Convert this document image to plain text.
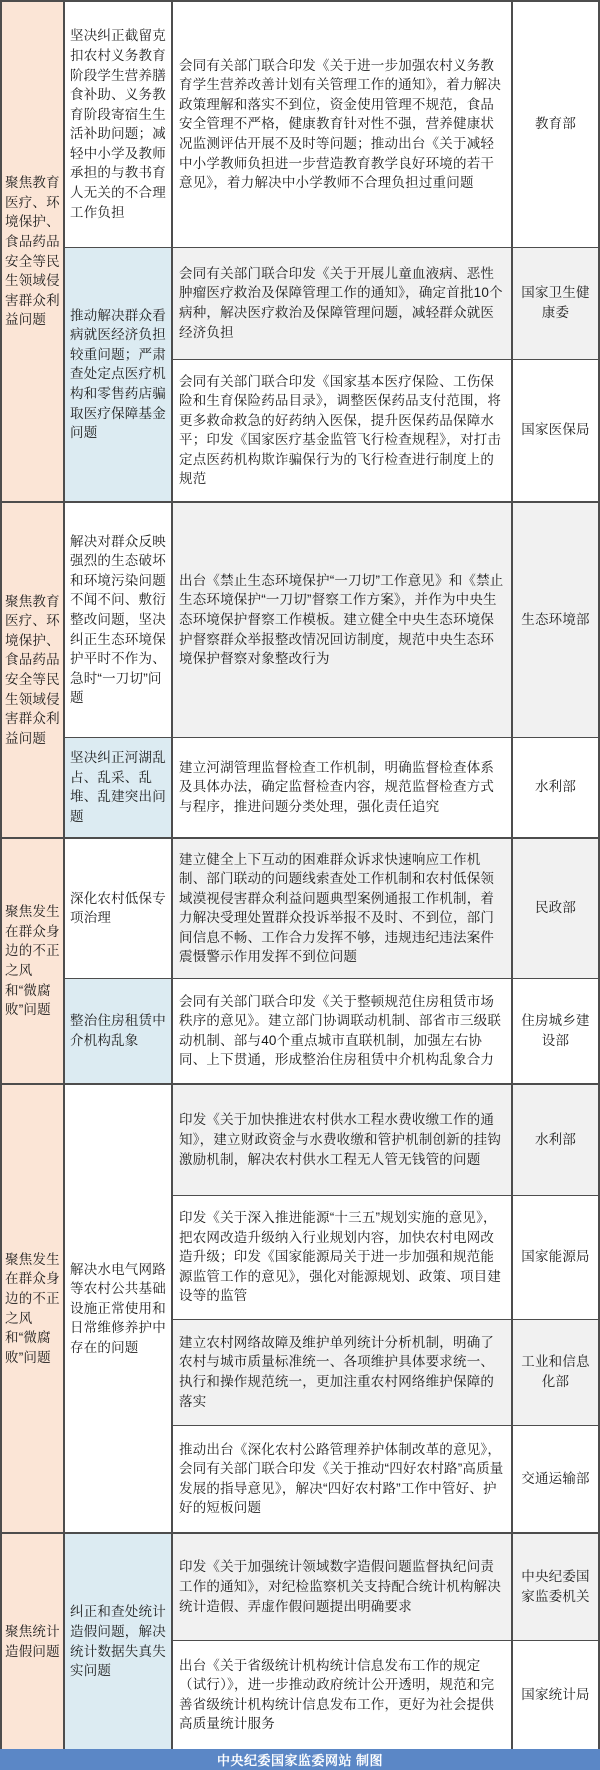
聚焦教育医疗、环境保护、食品药品安全等民生领域侵害群众利益问题	坚决纠正截留克扣农村义务教育阶段学生营养膳食补助、义务教育阶段寄宿生生活补助问题；减轻中小学及教师承担的与教书育人无关的不合理工作负担	会同有关部门联合印发《关于进一步加强农村义务教育学生营养改善计划有关管理工作的通知》，着力解决政策理解和落实不到位，资金使用管理不规范，食品安全管理不严格，健康教育针对性不强，营养健康状况监测评估开展不及时等问题；推动出台《关于减轻中小学教师负担进一步营造教育教学良好环境的若干意见》，着力解决中小学教师不合理负担过重问题	教育部
	推动解决群众看病就医经济负担较重问题；严肃查处定点医疗机构和零售药店骗取医疗保障基金问题	会同有关部门联合印发《关于开展儿童血液病、恶性肿瘤医疗救治及保障管理工作的通知》，确定首批10个病种，解决医疗救治及保障管理问题，减轻群众就医经济负担	国家卫生健康委
		会同有关部门联合印发《国家基本医疗保险、工伤保险和生育保险药品目录》，调整医保药品支付范围，将更多救命救急的好药纳入医保，提升医保药品保障水平；印发《国家医疗基金监管飞行检查规程》，对打击定点医药机构欺诈骗保行为的飞行检查进行制度上的规范	国家医保局
聚焦教育医疗、环境保护、食品药品安全等民生领域侵害群众利益问题	解决对群众反映强烈的生态破坏和环境污染问题不闻不问、敷衍整改问题，坚决纠正生态环境保护平时不作为、急时“一刀切”问题	出台《禁止生态环境保护“一刀切”工作意见》和《禁止生态环境保护“一刀切”督察工作方案》，并作为中央生态环境保护督察工作模板。建立健全中央生态环境保护督察群众举报整改情况回访制度，规范中央生态环境保护督察对象整改行为	生态环境部
	坚决纠正河湖乱占、乱采、乱堆、乱建突出问题	建立河湖管理监督检查工作机制，明确监督检查体系及具体办法，确定监督检查内容，规范监督检查方式与程序，推进问题分类处理，强化责任追究	水利部
聚焦发生在群众身边的不正之风和“微腐败”问题	深化农村低保专项治理	建立健全上下互动的困难群众诉求快速响应工作机制、部门联动的问题线索查处工作机制和农村低保领域漠视侵害群众利益问题典型案例通报工作机制，着力解决受理处置群众投诉举报不及时、不到位，部门间信息不畅、工作合力发挥不够，违规违纪违法案件震慑警示作用发挥不到位问题	民政部
	整治住房租赁中介机构乱象	会同有关部门联合印发《关于整顿规范住房租赁市场秩序的意见》。建立部门协调联动机制、部省市三级联动机制、部与40个重点城市直联机制，加强左右协同、上下贯通，形成整治住房租赁中介机构乱象合力	住房城乡建设部
聚焦发生在群众身边的不正之风和“微腐败”问题	解决水电气网路等农村公共基础设施正常使用和日常维修养护中存在的问题	印发《关于加快推进农村供水工程水费收缴工作的通知》，建立财政资金与水费收缴和管护机制创新的挂钩激励机制，解决农村供水工程无人管无钱管的问题	水利部
		印发《关于深入推进能源“十三五”规划实施的意见》，把农网改造升级纳入行业规划内容，加快农村电网改造升级；印发《国家能源局关于进一步加强和规范能源监管工作的意见》，强化对能源规划、政策、项目建设等的监管	国家能源局
		建立农村网络故障及维护单列统计分析机制，明确了农村与城市质量标准统一、各项维护具体要求统一、执行和操作规范统一，更加注重农村网络维护保障的落实	工业和信息化部
		推动出台《深化农村公路管理养护体制改革的意见》，会同有关部门联合印发《关于推动“四好农村路”高质量发展的指导意见》，解决“四好农村路”工作中管好、护好的短板问题	交通运输部
聚焦统计造假问题	纠正和查处统计造假问题，解决统计数据失真失实问题	印发《关于加强统计领域数字造假问题监督执纪问责工作的通知》，对纪检监察机关支持配合统计机构解决统计造假、弄虚作假问题提出明确要求	中央纪委国家监委机关
		出台《关于省级统计机构统计信息发布工作的规定（试行）》，进一步推动政府统计公开透明，规范和完善省级统计机构统计信息发布工作，更好为社会提供高质量统计服务	国家统计局
中央纪委国家监委网站 制图
